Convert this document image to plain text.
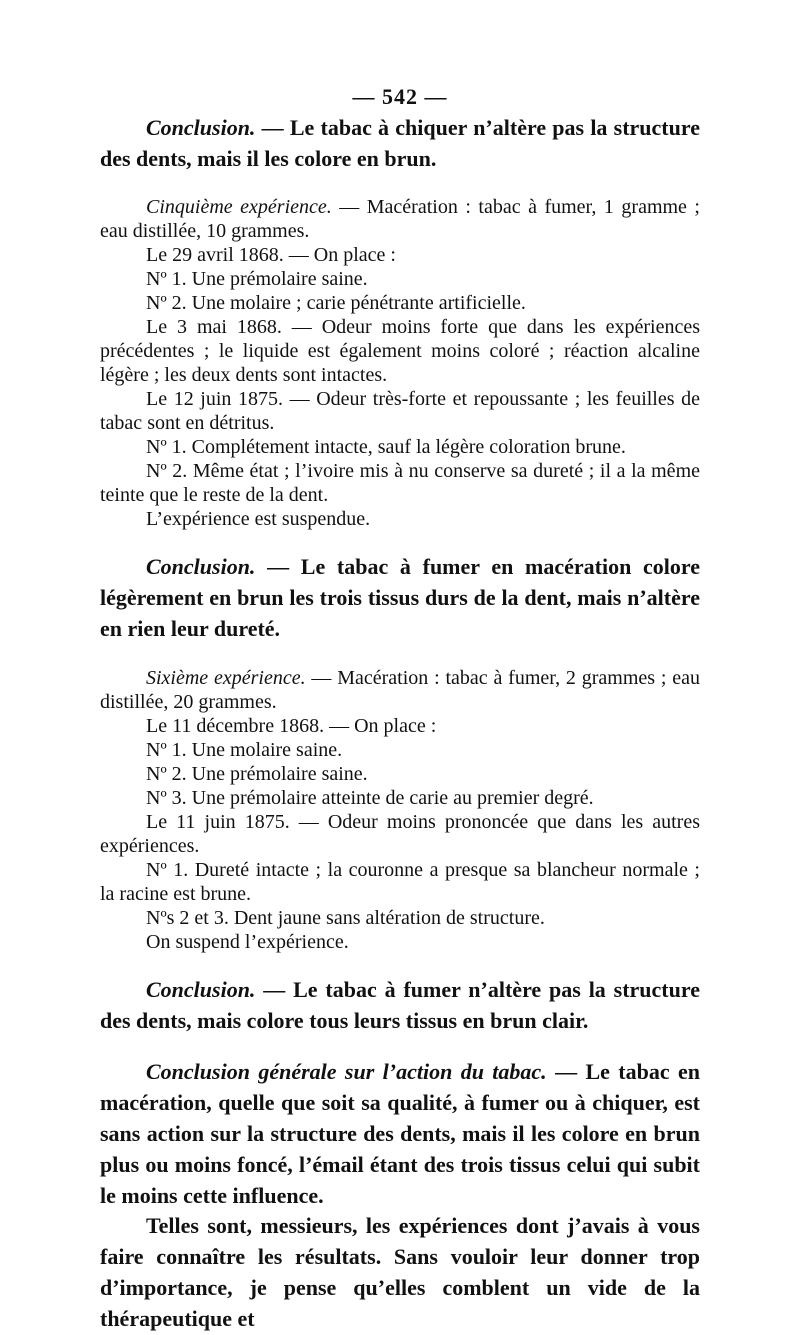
— 542 —

Conclusion. — Le tabac à chiquer n’altère pas la structure des dents, mais il les colore en brun.

Cinquième expérience. — Macération : tabac à fumer, 1 gramme ; eau distillée, 10 grammes.

Le 29 avril 1868. — On place :

Nº 1. Une prémolaire saine.

Nº 2. Une molaire ; carie pénétrante artificielle.

Le 3 mai 1868. — Odeur moins forte que dans les expériences précédentes ; le liquide est également moins coloré ; réaction alcaline légère ; les deux dents sont intactes.

Le 12 juin 1875. — Odeur très-forte et repoussante ; les feuilles de tabac sont en détritus.

Nº 1. Complétement intacte, sauf la légère coloration brune.

Nº 2. Même état ; l’ivoire mis à nu conserve sa dureté ; il a la même teinte que le reste de la dent.

L’expérience est suspendue.

Conclusion. — Le tabac à fumer en macération colore légèrement en brun les trois tissus durs de la dent, mais n’altère en rien leur dureté.

Sixième expérience. — Macération : tabac à fumer, 2 grammes ; eau distillée, 20 grammes.

Le 11 décembre 1868. — On place :

Nº 1. Une molaire saine.

Nº 2. Une prémolaire saine.

Nº 3. Une prémolaire atteinte de carie au premier degré.

Le 11 juin 1875. — Odeur moins prononcée que dans les autres expériences.

Nº 1. Dureté intacte ; la couronne a presque sa blancheur normale ; la racine est brune.

Nºs 2 et 3. Dent jaune sans altération de structure.

On suspend l’expérience.

Conclusion. — Le tabac à fumer n’altère pas la structure des dents, mais colore tous leurs tissus en brun clair.

Conclusion générale sur l’action du tabac. — Le tabac en macération, quelle que soit sa qualité, à fumer ou à chiquer, est sans action sur la structure des dents, mais il les colore en brun plus ou moins foncé, l’émail étant des trois tissus celui qui subit le moins cette influence.

Telles sont, messieurs, les expériences dont j’avais à vous faire connaître les résultats. Sans vouloir leur donner trop d’importance, je pense qu’elles comblent un vide de la thérapeutique et
